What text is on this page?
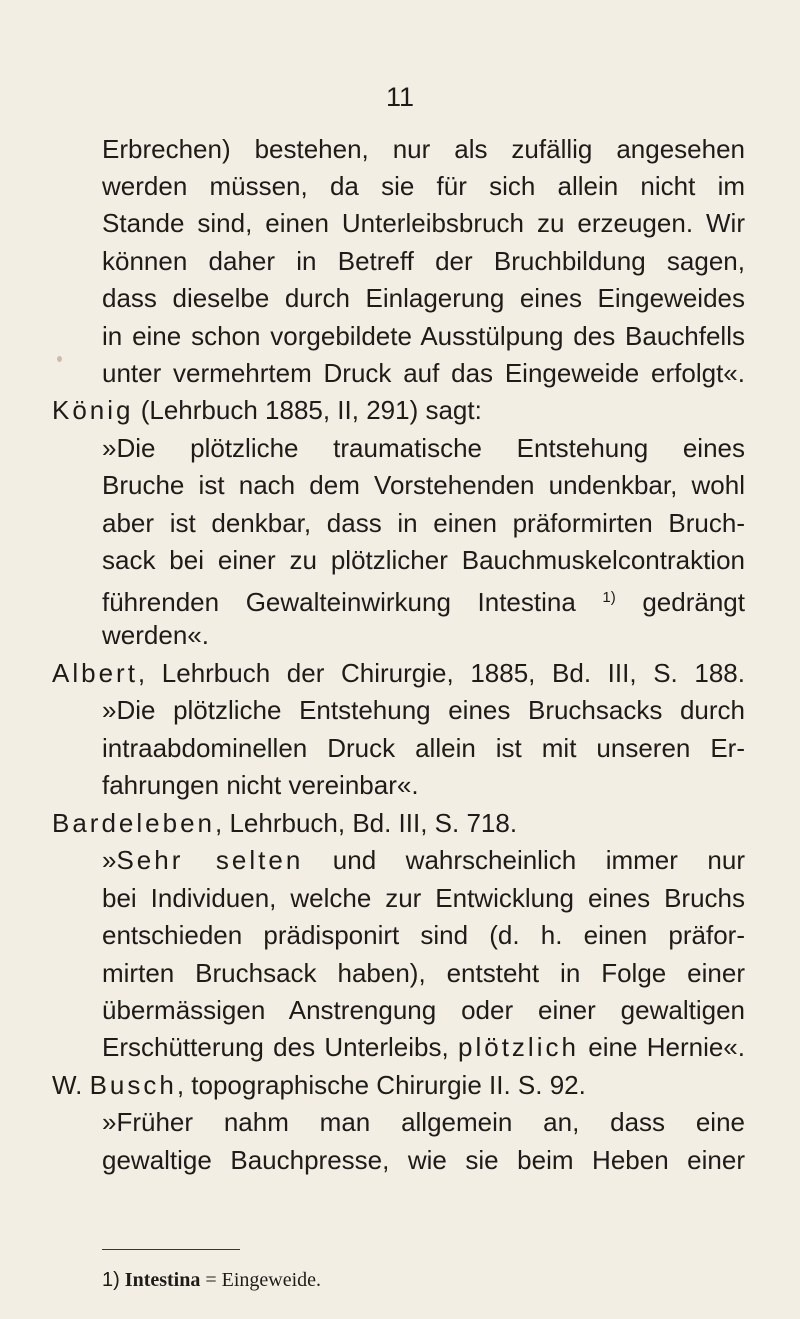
11
Erbrechen) bestehen, nur als zufällig angesehen
werden müssen, da sie für sich allein nicht im
Stande sind, einen Unterleibsbruch zu erzeugen. Wir
können daher in Betreff der Bruchbildung sagen,
dass dieselbe durch Einlagerung eines Eingeweides
in eine schon vorgebildete Ausstülpung des Bauchfells
unter vermehrtem Druck auf das Eingeweide erfolgt«.
König (Lehrbuch 1885, II, 291) sagt:
»Die plötzliche traumatische Entstehung eines
Bruche ist nach dem Vorstehenden undenkbar, wohl
aber ist denkbar, dass in einen präformirten Bruch-
sack bei einer zu plötzlicher Bauchmuskelcontraktion
führenden Gewalteinwirkung Intestina $^{1)}$ gedrängt
werden«.
Albert, Lehrbuch der Chirurgie, 1885, Bd. III, S. 188.
»Die plötzliche Entstehung eines Bruchsacks durch
intraabdominellen Druck allein ist mit unseren Er-
fahrungen nicht vereinbar«.
Bardeleben, Lehrbuch, Bd. III, S. 718.
»Sehr selten und wahrscheinlich immer nur
bei Individuen, welche zur Entwicklung eines Bruchs
entschieden prädisponirt sind (d. h. einen präfor-
mirten Bruchsack haben), entsteht in Folge einer
übermässigen Anstrengung oder einer gewaltigen
Erschütterung des Unterleibs, plötzlich eine Hernie«.
W. Busch, topographische Chirurgie II. S. 92.
»Früher nahm man allgemein an, dass eine
gewaltige Bauchpresse, wie sie beim Heben einer
1) Intestina = Eingeweide.
